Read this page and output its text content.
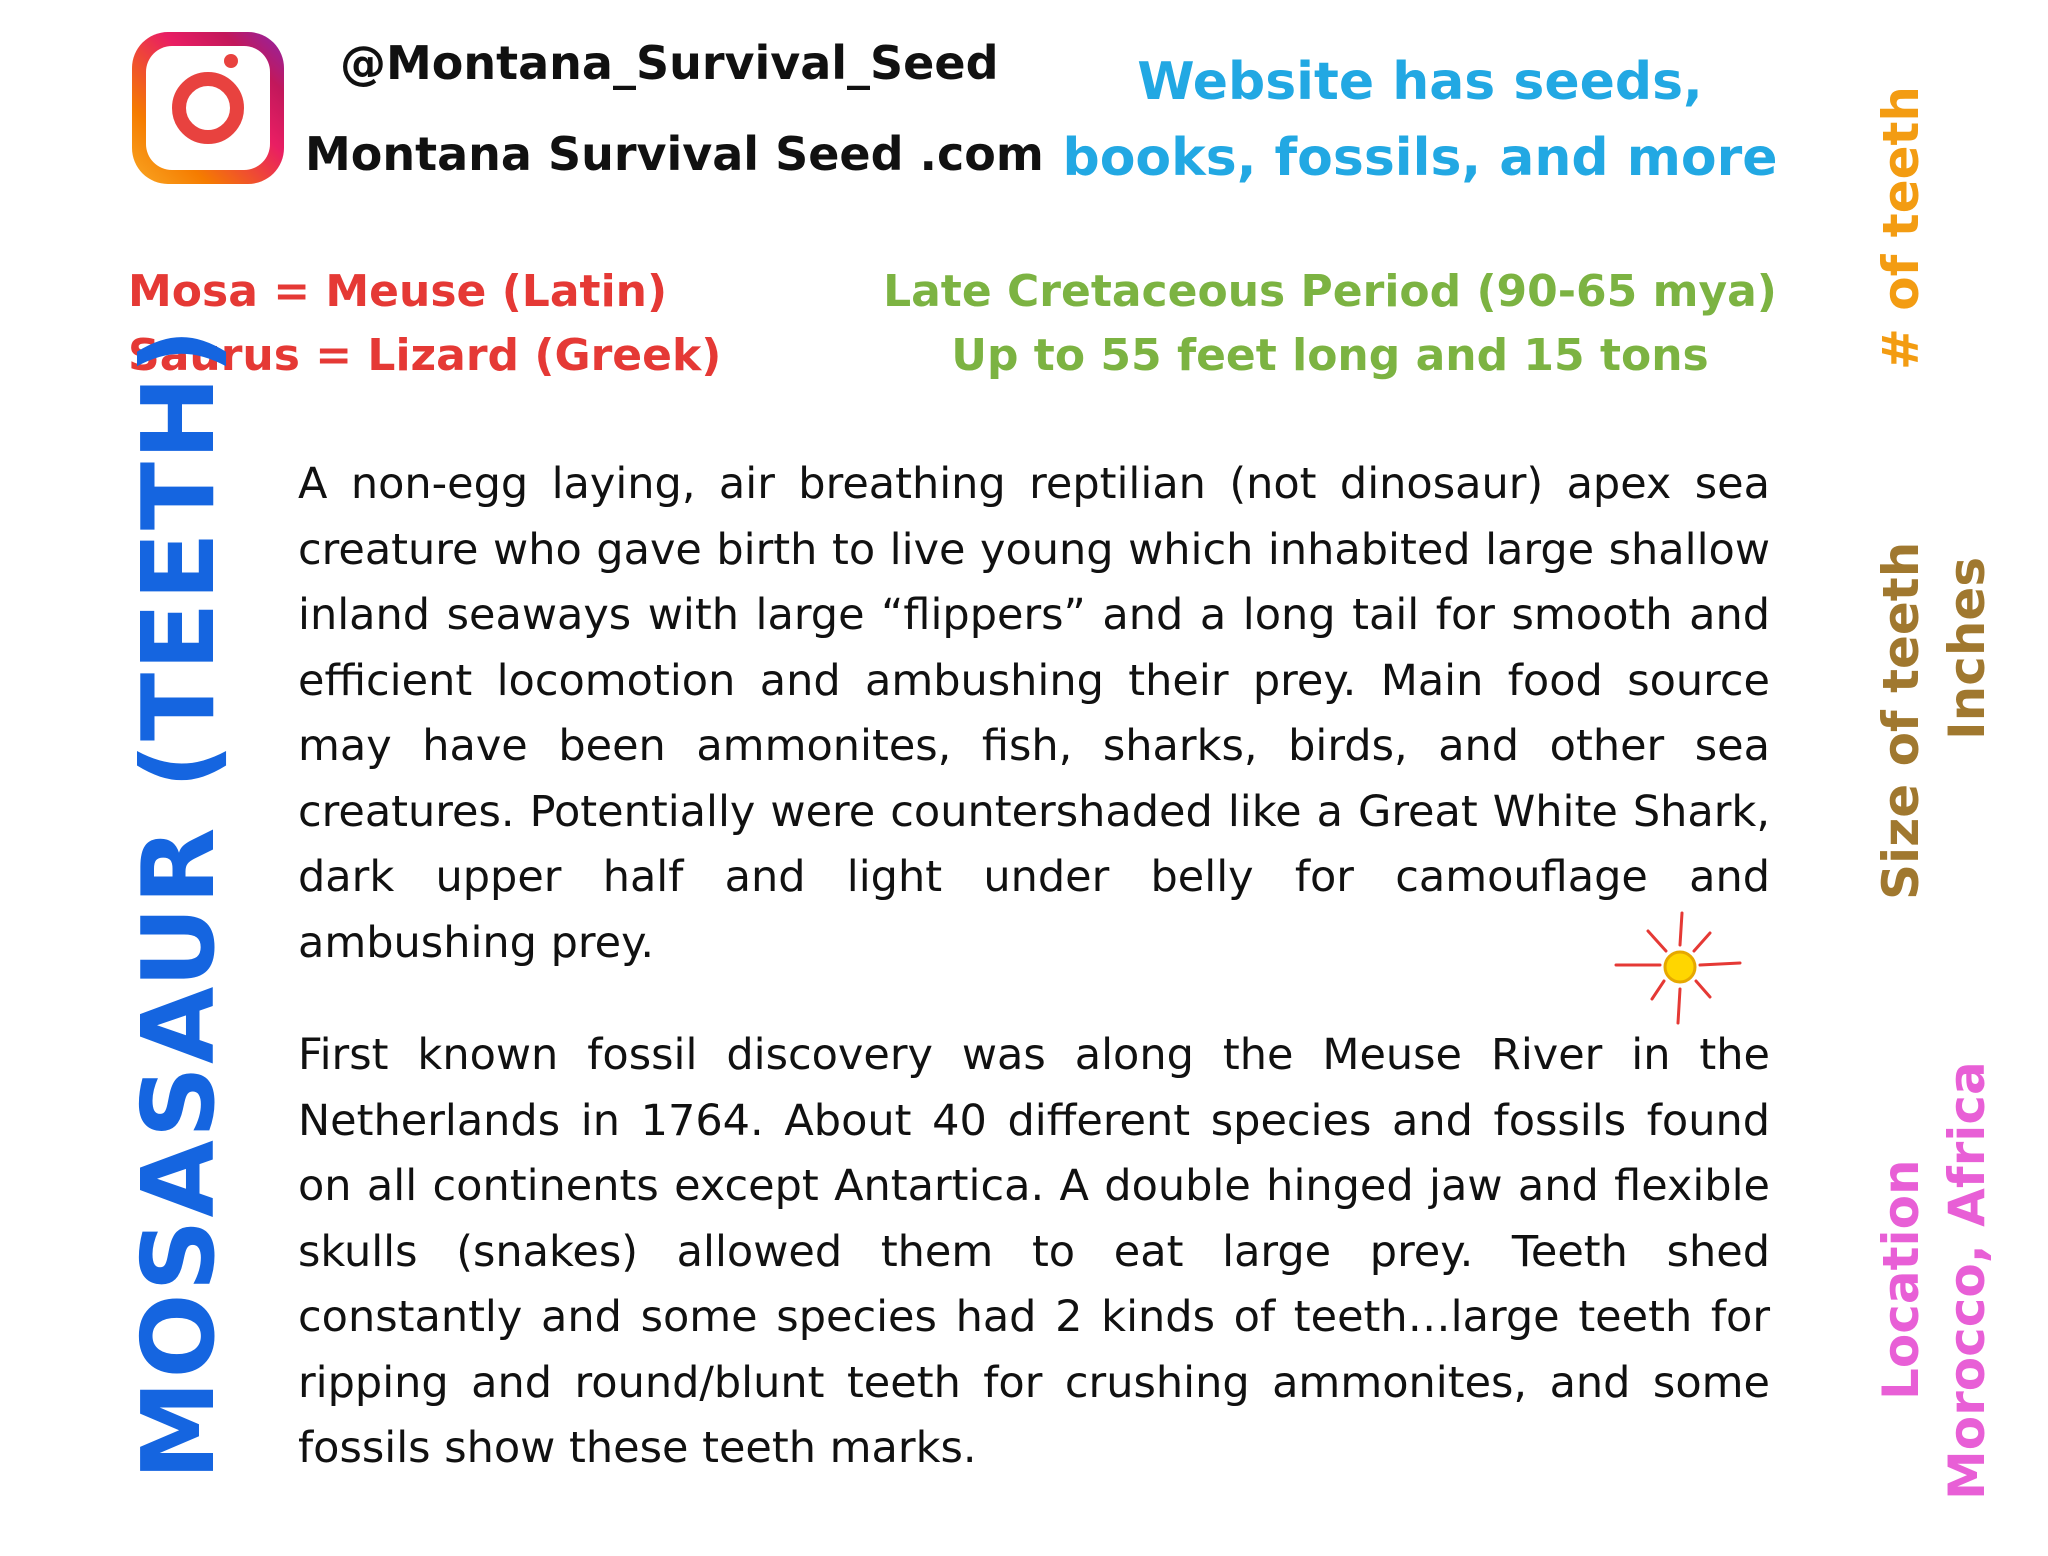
@Montana_Survival_Seed
Montana Survival Seed .com
Website has seeds,
books, fossils, and more
Mosa = Meuse (Latin)
Saurus = Lizard (Greek)
Late Cretaceous Period (90-65 mya)
Up to 55 feet long and 15 tons
MOSASAUR (TEETH)
# of teeth
Size of teeth Inches
Location Morocco, Africa
A non-egg laying, air breathing reptilian (not dinosaur) apex sea creature who gave birth to live young which inhabited large shallow inland seaways with large “flippers” and a long tail for smooth and efficient locomotion and ambushing their prey. Main food source may have been ammonites, fish, sharks, birds, and other sea creatures. Potentially were countershaded like a Great White Shark, dark upper half and light under belly for camouflage and ambushing prey.
First known fossil discovery was along the Meuse River in the Netherlands in 1764. About 40 different species and fossils found on all continents except Antartica. A double hinged jaw and flexible skulls (snakes) allowed them to eat large prey. Teeth shed constantly and some species had 2 kinds of teeth…large teeth for ripping and round/blunt teeth for crushing ammonites, and some fossils show these teeth marks.
